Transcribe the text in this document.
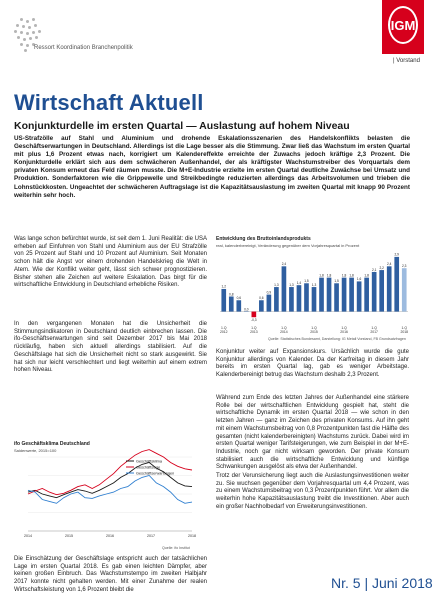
IGM
| Vorstand
Ressort Koordination Branchenpolitik
Wirtschaft Aktuell
Konjunkturdelle im ersten Quartal — Auslastung auf hohem Niveau
US-Strafzölle auf Stahl und Aluminium und drohende Eskalationsszenarien des Handelskonflikts belasten die Geschäftserwartungen in Deutschland. Allerdings ist die Lage besser als die Stimmung. Zwar ließ das Wachstum im ersten Quartal mit plus 1,6 Prozent etwas nach, korrigiert um Kalendereffekte erreichte der Zuwachs jedoch kräftige 2,3 Prozent. Die Konjunkturdelle erklärt sich aus dem schwächeren Außenhandel, der als kräftigster Wachstumstreiber des Vorquartals dem privaten Konsum erneut das Feld räumen musste. Die M+E-Industrie erzielte im ersten Quartal deutliche Zuwächse bei Umsatz und Produktion. Sonderfaktoren wie die Grippewelle und Streikbedingte reduzierten allerdings das Arbeitsvolumen und trieben die Lohnstückkosten. Ungeachtet der schwächeren Auftragslage ist die Kapazitätsauslastung im zweiten Quartal mit knapp 90 Prozent weiterhin sehr hoch.
Was lange schon befürchtet wurde, ist seit dem 1. Juni Realität: die USA erheben auf Einfuhren von Stahl und Aluminium aus der EU Strafzölle von 25 Prozent auf Stahl und 10 Prozent auf Aluminium. Seit Monaten schon hält die Angst vor einem drohenden Handelskrieg die Welt in Atem. Wie der Konflikt weiter geht, lässt sich schwer prognostizieren. Bisher stehen alle Zeichen auf weitere Eskalation. Das birgt für die wirtschaftliche Entwicklung in Deutschland erhebliche Risiken.
In den vergangenen Monaten hat die Unsicherheit die Stimmungsindikatoren in Deutschland deutlich einbrechen lassen. Die ifo-Geschäftserwartungen sind seit Dezember 2017 bis Mai 2018 rückläufig, haben sich aktuell allerdings stabilisiert. Auf die Geschäftslage hat sich die Unsicherheit nicht so stark ausgewirkt. Sie hat sich nur leicht verschlechtert und liegt weiterhin auf einem extrem hohen Niveau.
ifo Geschäftsklima Deutschland
Saldenwerte, 2015=100
2014	2015	2016	2017	2018
Geschäftsklima
Geschäftslage
Geschäftserwartungen
Quelle: ifo Institut
Die Einschätzung der Geschäftslage entspricht auch der tatsächlichen Lage im ersten Quartal 2018. Es gab einen leichten Dämpfer, aber keinen großen Einbruch. Das Wachstumstempo im zweiten Halbjahr 2017 konnte nicht gehalten werden. Mit einer Zunahme der realen Wirtschaftsleistung von 1,6 Prozent bleibt die
Entwicklung des Bruttoinlandsprodukts
real, kalenderbereinigt, Veränderung gegenüber dem Vorjahresquartal in Prozent
1,2
0,8
0,6
0,0
-0,3
0,6
0,9
1,3
2,4
1,3 1,4 1,5
1,3
1,8 1,8
1,5
1,8 1,8
1,6
1,8
2,1 2,2
2,4
2,9
2,3
1.Q
2012
1.Q
2013
1.Q
2014
1.Q
2015
1.Q
2016
1.Q
2017
1.Q
2018
Quelle: Statistisches Bundesamt, Darstellung: IG Metall Vorstand, FB Grundsatzfragen
Konjunktur weiter auf Expansionskurs. Ursächlich wurde die gute Konjunktur allerdings von Kalender. Da der Karfreitag in diesem Jahr bereits im ersten Quartal lag, gab es weniger Arbeitstage. Kalenderbereinigt betrug das Wachstum deshalb 2,3 Prozent.
Während zum Ende des letzten Jahres der Außenhandel eine stärkere Rolle bei der wirtschaftlichen Entwicklung gespielt hat, steht die wirtschaftliche Dynamik im ersten Quartal 2018 — wie schon in den letzten Jahren — ganz im Zeichen des privaten Konsums. Auf ihn geht mit einem Wachstumsbeitrag von 0,8 Prozentpunkten fast die Hälfte des gesamten (nicht kalenderbereinigten) Wachstums zurück. Dabei wird im ersten Quartal weniger Tarifsteigerungen, wie zum Beispiel in der M+E-Industrie, noch gar nicht wirksam geworden. Der private Konsum stabilisiert auch die wirtschaftliche Entwicklung und künftige Schwankungen ausgelöst als etwa der Außenhandel.
Trotz der Verunsicherung liegt auch die Auslastungsinvestitionen weiter zu. Sie wuchsen gegenüber dem Vorjahresquartal um 4,4 Prozent, was zu einem Wachstumsbeitrag von 0,3 Prozentpunkten führt. Vor allem die weiterhin hohe Kapazitätsauslastung treibt die Investitionen. Aber auch ein großer Nachholbedarf von Erweiterungsinvestitionen.
Nr. 5 | Juni 2018
